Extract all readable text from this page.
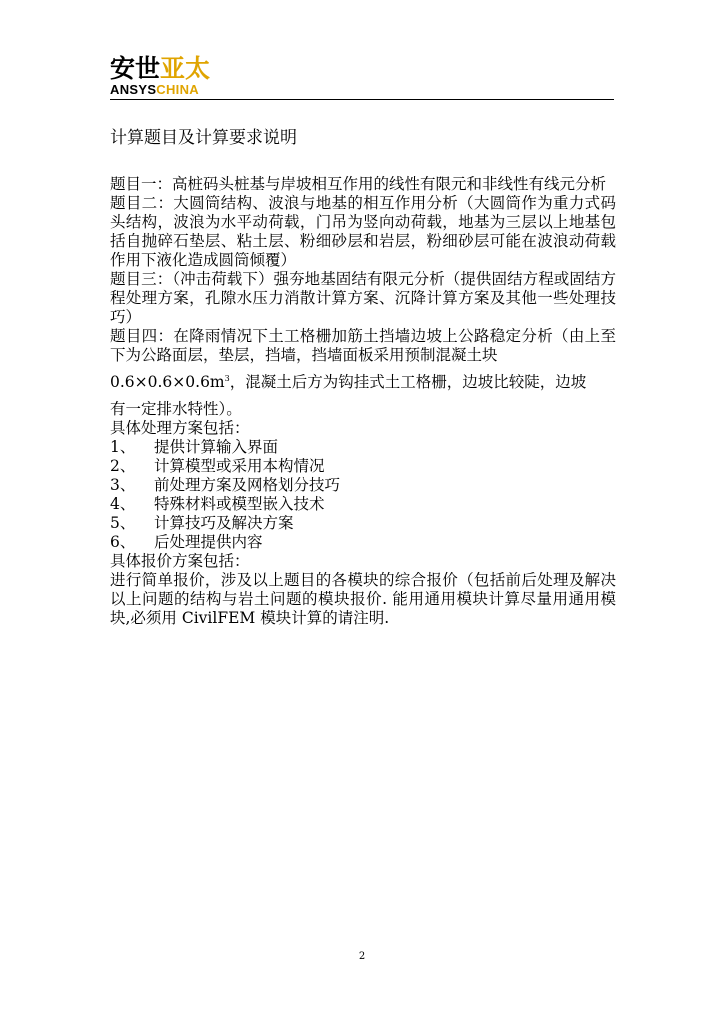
安世亚太
ANSYSCHINA
计算题目及计算要求说明

题目一：高桩码头桩基与岸坡相互作用的线性有限元和非线性有线元分析

题目二：大圆筒结构、波浪与地基的相互作用分析（大圆筒作为重力式码头结构，波浪为水平动荷载，门吊为竖向动荷载，地基为三层以上地基包括自抛碎石垫层、粘土层、粉细砂层和岩层，粉细砂层可能在波浪动荷载作用下液化造成圆筒倾覆）

题目三：（冲击荷载下）强夯地基固结有限元分析（提供固结方程或固结方程处理方案，孔隙水压力消散计算方案、沉降计算方案及其他一些处理技巧）

题目四：在降雨情况下土工格栅加筋土挡墙边坡上公路稳定分析（由上至下为公路面层，垫层，挡墙，挡墙面板采用预制混凝土块

$0.6\times 0.6\times 0.6m^3$，混凝土后方为钩挂式土工格栅，边坡比较陡，边坡

有一定排水特性）。

具体处理方案包括：

1、 提供计算输入界面

2、 计算模型或采用本构情况

3、 前处理方案及网格划分技巧

4、 特殊材料或模型嵌入技术

5、 计算技巧及解决方案

6、 后处理提供内容

具体报价方案包括：

进行简单报价，涉及以上题目的各模块的综合报价（包括前后处理及解决以上问题的结构与岩土问题的模块报价. 能用通用模块计算尽量用通用模块,必须用 CivilFEM 模块计算的请注明.

2
